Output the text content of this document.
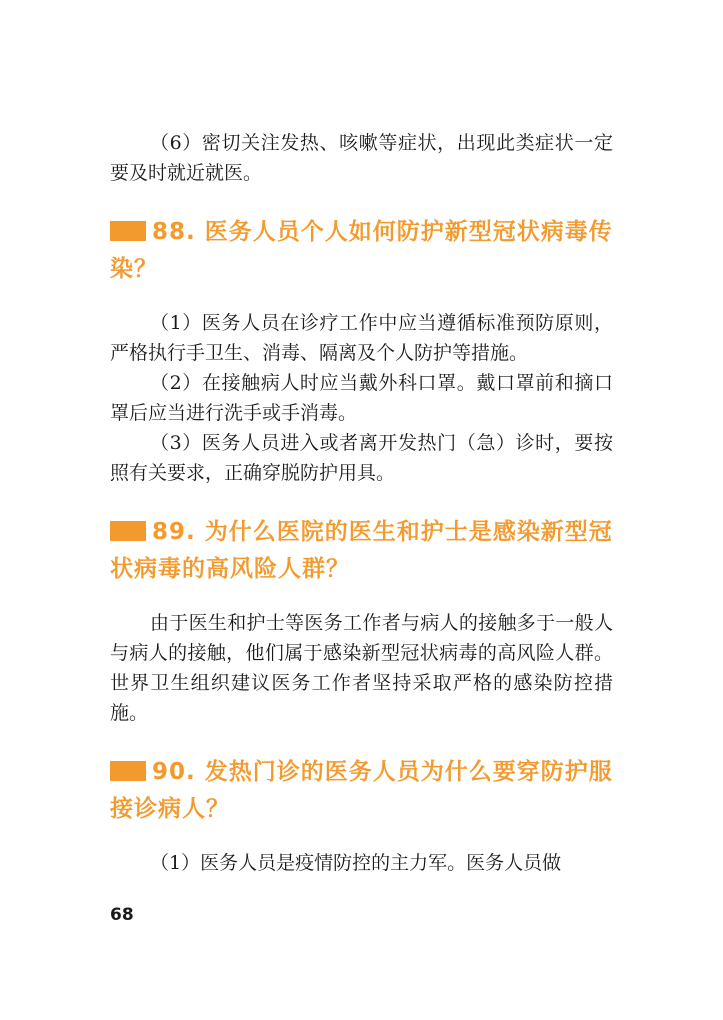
（6）密切关注发热、咳嗽等症状，出现此类症状一定要及时就近就医。

88. 医务人员个人如何防护新型冠状病毒传染？

（1）医务人员在诊疗工作中应当遵循标准预防原则，严格执行手卫生、消毒、隔离及个人防护等措施。

（2）在接触病人时应当戴外科口罩。戴口罩前和摘口罩后应当进行洗手或手消毒。

（3）医务人员进入或者离开发热门（急）诊时，要按照有关要求，正确穿脱防护用具。

89. 为什么医院的医生和护士是感染新型冠状病毒的高风险人群？

由于医生和护士等医务工作者与病人的接触多于一般人与病人的接触，他们属于感染新型冠状病毒的高风险人群。世界卫生组织建议医务工作者坚持采取严格的感染防控措施。

90. 发热门诊的医务人员为什么要穿防护服接诊病人？

（1）医务人员是疫情防控的主力军。医务人员做

68
